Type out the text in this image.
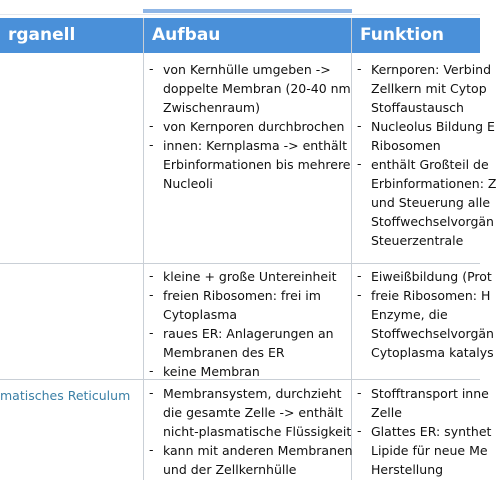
rganell	Aufbau	Funktion
- von Kernhülle umgeben ->
doppelte Membran (20-40 nm
Zwischenraum)
- von Kernporen durchbrochen
- innen: Kernplasma -> enthält
Erbinformationen bis mehrere
Nucleoli
- Kernporen: Verbind
Zellkern mit Cytop
Stoffaustausch
- Nucleolus Bildung E
Ribosomen
- enthält Großteil de
Erbinformationen: Z
und Steuerung alle
Stoffwechselvorgän
Steuerzentrale
- kleine + große Untereinheit
- freien Ribosomen: frei im
Cytoplasma
- raues ER: Anlagerungen an
Membranen des ER
- keine Membran
- Eiweißbildung (Prot
- freie Ribosomen: H
Enzyme, die
Stoffwechselvorgän
Cytoplasma katalys
matisches Reticulum - Membransystem, durchzieht
die gesamte Zelle -> enthält
nicht-plasmatische Flüssigkeit
- kann mit anderen Membranen
und der Zellkernhülle
- Stofftransport inne
Zelle
- Glattes ER: synthet
Lipide für neue Me
Herstellung
